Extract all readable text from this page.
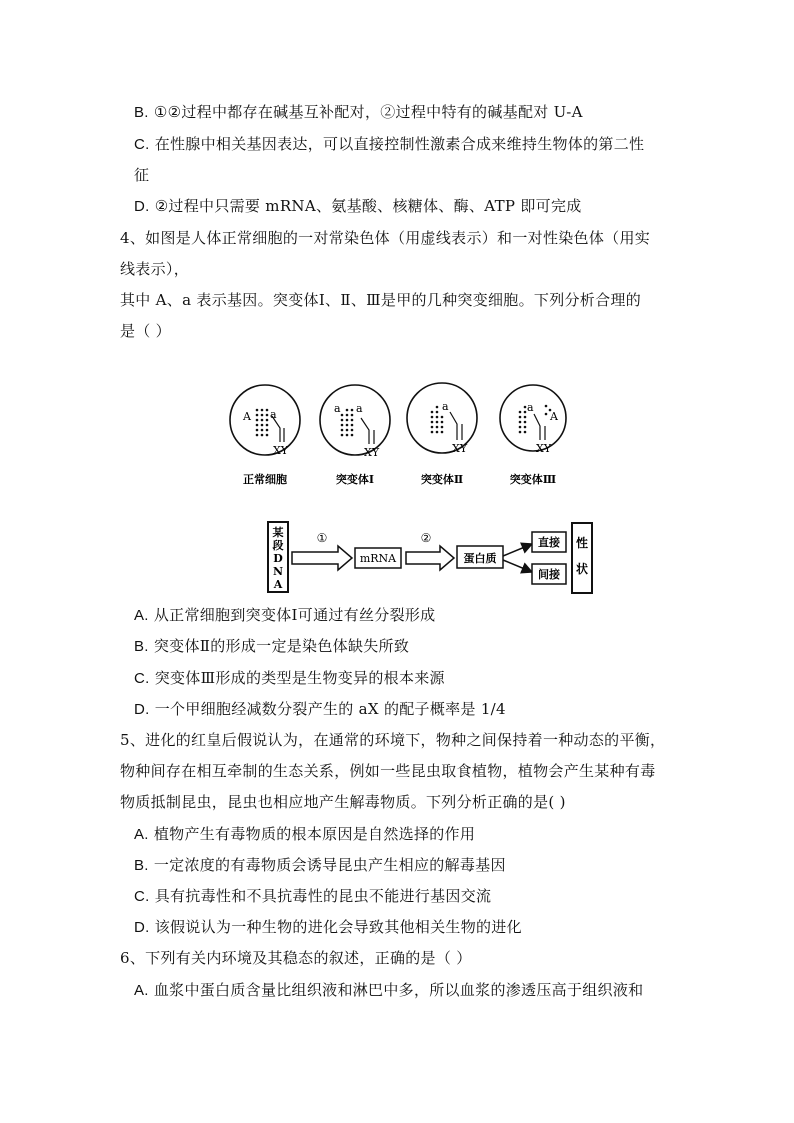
B. ①②过程中都存在碱基互补配对，②过程中特有的碱基配对 U-A
C. 在性腺中相关基因表达，可以直接控制性激素合成来维持生物体的第二性
征
D. ②过程中只需要 mRNA、氨基酸、核糖体、酶、ATP 即可完成
4、如图是人体正常细胞的一对常染色体（用虚线表示）和一对性染色体（用实
线表示），
其中 A、a 表示基因。突变体Ⅰ、Ⅱ、Ⅲ是甲的几种突变细胞。下列分析合理的
是（ ）
A a
XY
正常细胞
a a
XY
突变体Ⅰ
a
XY
突变体Ⅱ
a
A
XY
突变体Ⅲ
某段 D N A
①
mRNA
②
蛋白质
直接
间接
性状
A. 从正常细胞到突变体Ⅰ可通过有丝分裂形成
B. 突变体Ⅱ的形成一定是染色体缺失所致
C. 突变体Ⅲ形成的类型是生物变异的根本来源
D. 一个甲细胞经减数分裂产生的 aX 的配子概率是 1/4
5、进化的红皇后假说认为，在通常的环境下，物种之间保持着一种动态的平衡，
物种间存在相互牵制的生态关系，例如一些昆虫取食植物，植物会产生某种有毒
物质抵制昆虫，昆虫也相应地产生解毒物质。下列分析正确的是( )
A. 植物产生有毒物质的根本原因是自然选择的作用
B. 一定浓度的有毒物质会诱导昆虫产生相应的解毒基因
C. 具有抗毒性和不具抗毒性的昆虫不能进行基因交流
D. 该假说认为一种生物的进化会导致其他相关生物的进化
6、下列有关内环境及其稳态的叙述，正确的是（ ）
A. 血浆中蛋白质含量比组织液和淋巴中多，所以血浆的渗透压高于组织液和
